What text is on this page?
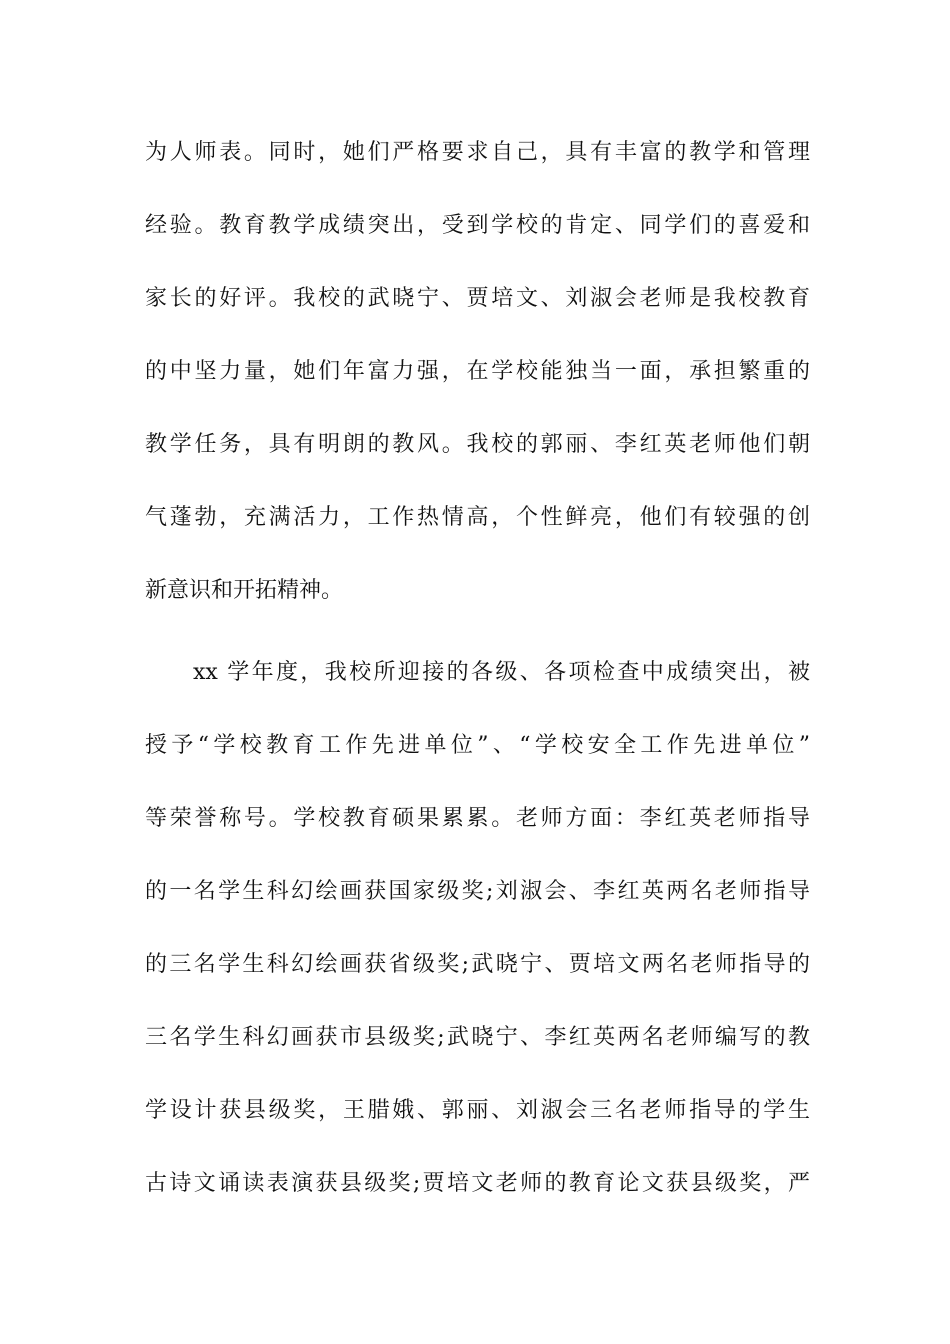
为人师表。同时，她们严格要求自己，具有丰富的教学和管理
经验。教育教学成绩突出，受到学校的肯定、同学们的喜爱和
家长的好评。我校的武晓宁、贾培文、刘淑会老师是我校教育
的中坚力量，她们年富力强，在学校能独当一面，承担繁重的
教学任务，具有明朗的教风。我校的郭丽、李红英老师他们朝
气蓬勃，充满活力，工作热情高，个性鲜亮，他们有较强的创
新意识和开拓精神。
xx 学年度，我校所迎接的各级、各项检查中成绩突出，被
授予“学校教育工作先进单位”、“学校安全工作先进单位”
等荣誉称号。学校教育硕果累累。老师方面：李红英老师指导
的一名学生科幻绘画获国家级奖;刘淑会、李红英两名老师指导
的三名学生科幻绘画获省级奖;武晓宁、贾培文两名老师指导的
三名学生科幻画获市县级奖;武晓宁、李红英两名老师编写的教
学设计获县级奖，王腊娥、郭丽、刘淑会三名老师指导的学生
古诗文诵读表演获县级奖;贾培文老师的教育论文获县级奖，严
